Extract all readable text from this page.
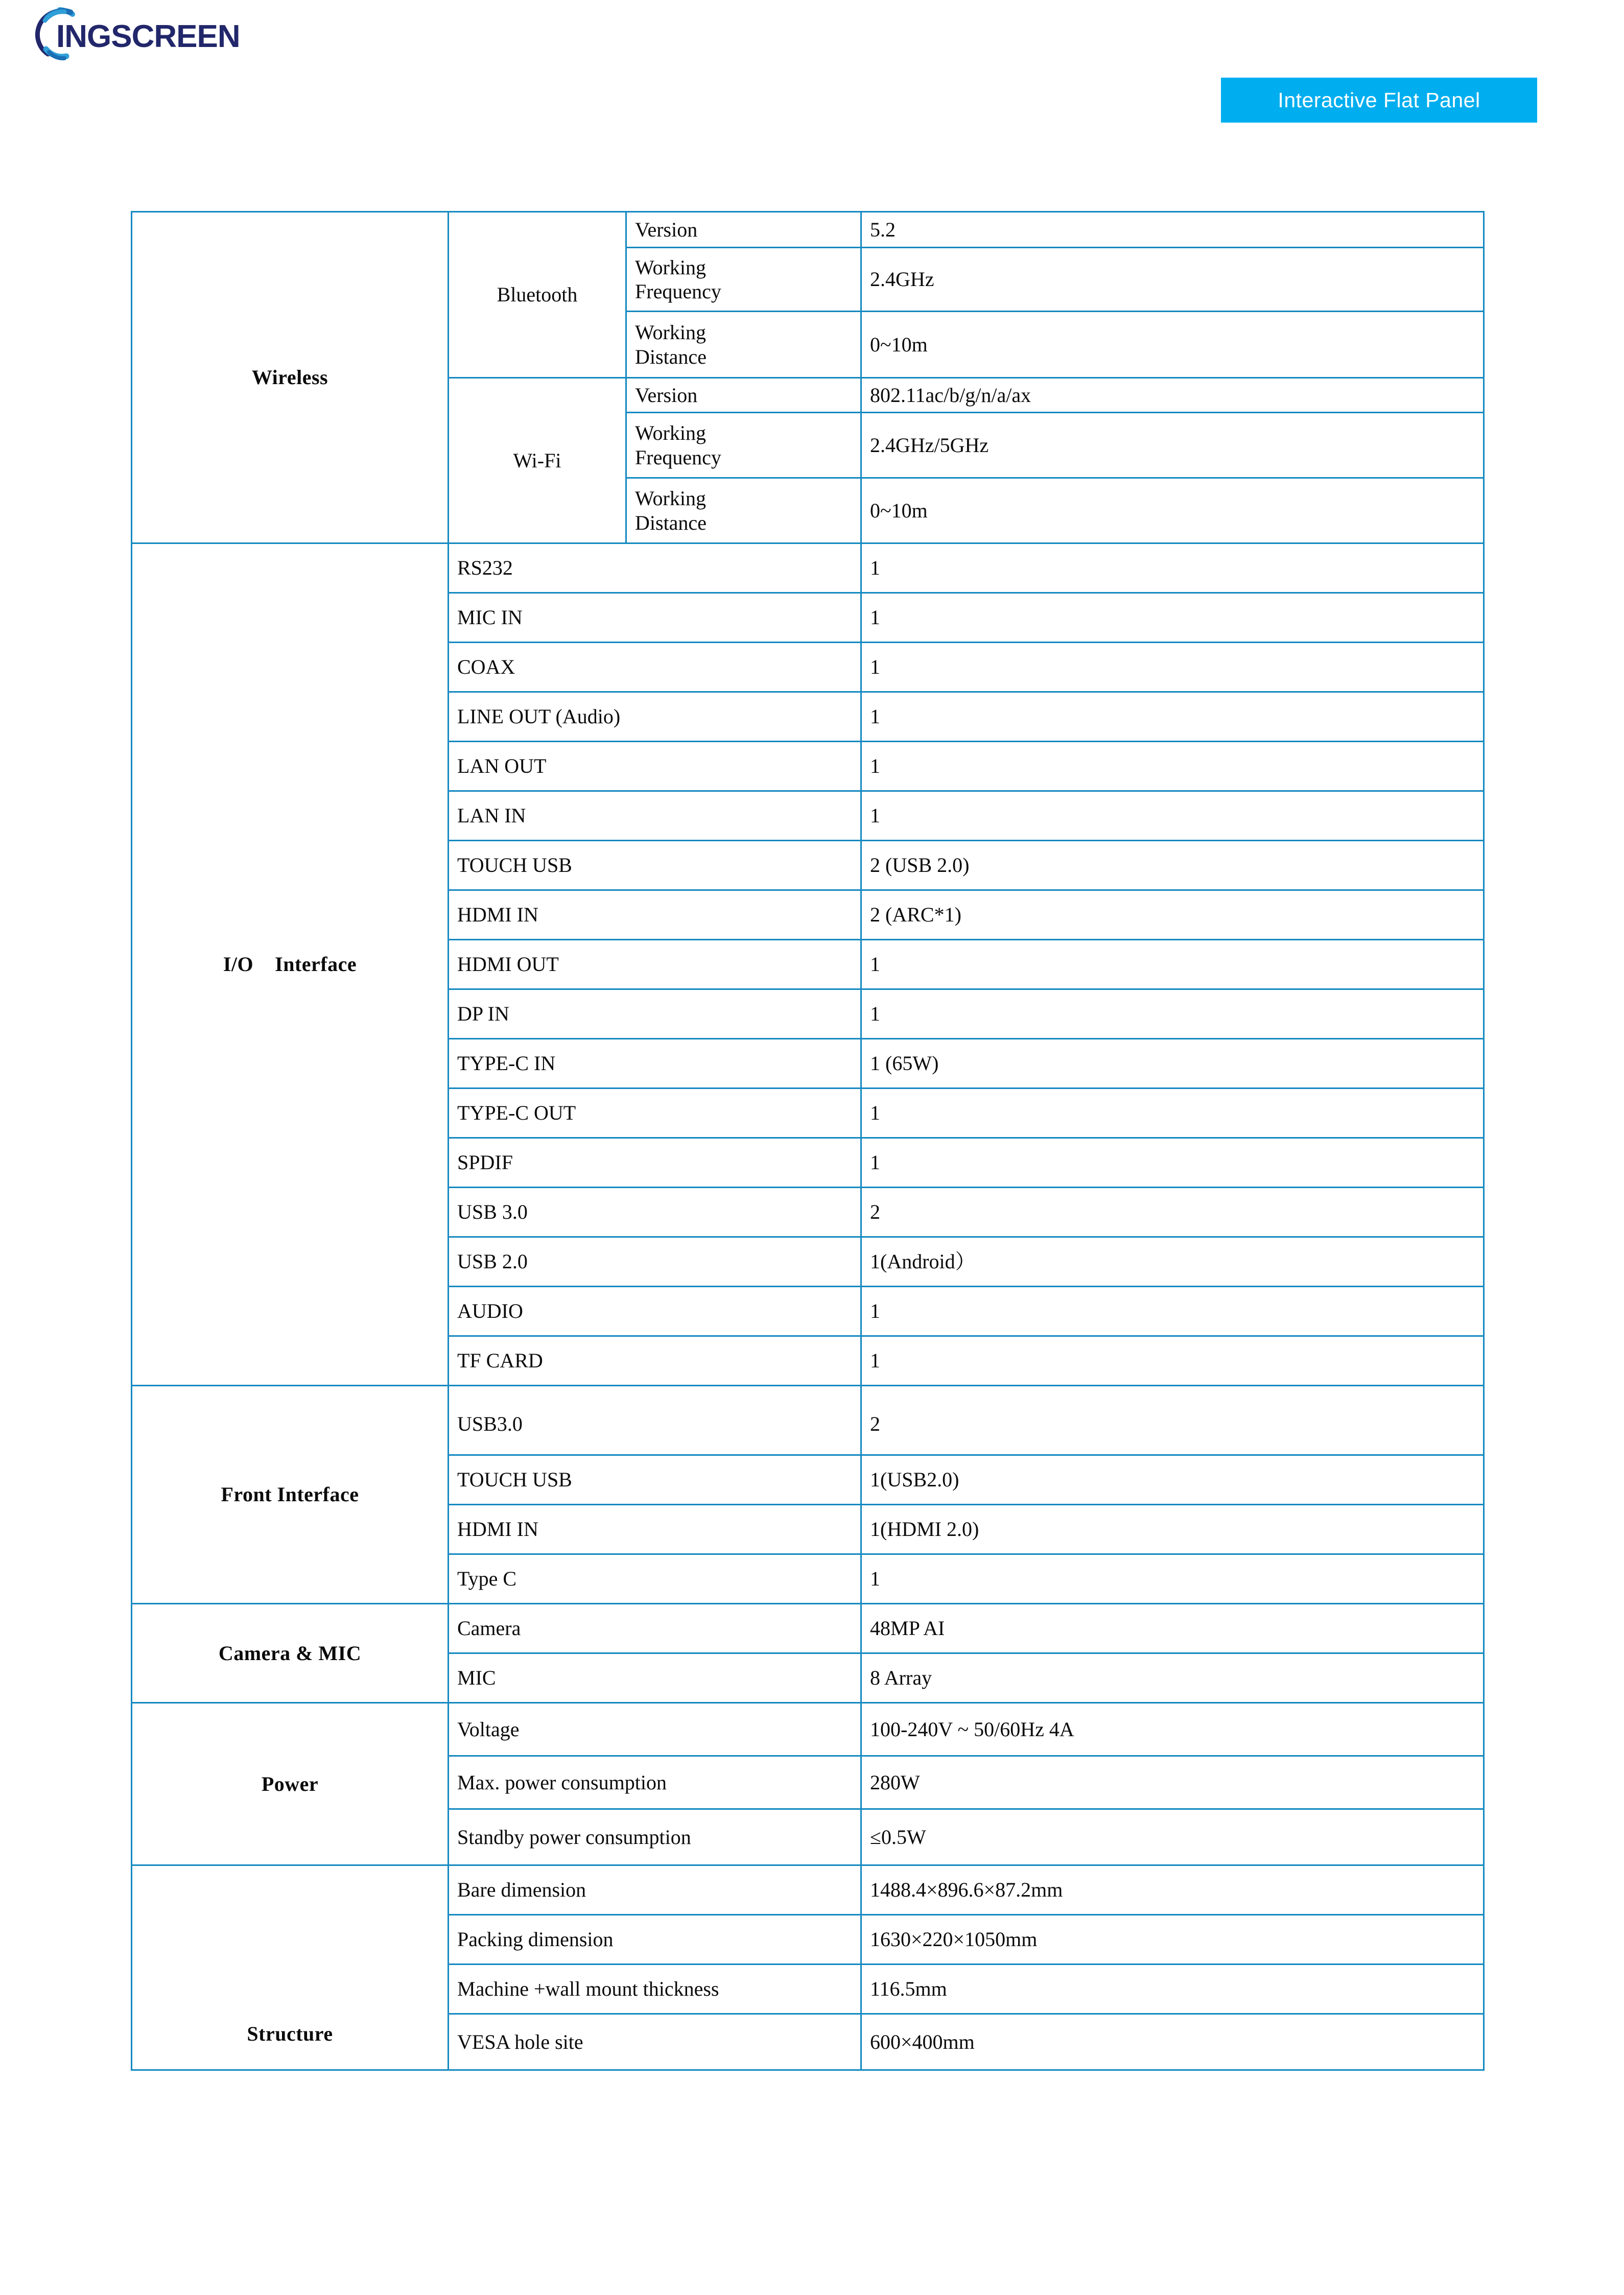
INGSCREEN
Interactive Flat Panel
Wireless	Bluetooth	Version	5.2

		Working
Frequency	2.4GHz

		Working
Distance	0~10m
	Wi-Fi	Version	802.11ac/b/g/n/a/ax

		Working
Frequency	2.4GHz/5GHz

		Working
Distance	0~10m
I/O    Interface	RS232		1
	MIC IN		1
	COAX		1
	LINE OUT (Audio)		1
	LAN OUT		1
	LAN IN		1
	TOUCH USB		2 (USB 2.0)
	HDMI IN		2 (ARC*1)
	HDMI OUT		1
	DP IN		1
	TYPE-C IN		1 (65W)
	TYPE-C OUT		1
	SPDIF		1
	USB 3.0		2
	USB 2.0		1(Android）
	AUDIO		1
	TF CARD		1
Front Interface	USB3.0		2
	TOUCH USB		1(USB2.0)
	HDMI IN		1(HDMI 2.0)
	Type C		1
Camera & MIC	Camera		48MP AI
	MIC		8 Array
Power	Voltage		100-240V ~ 50/60Hz 4A
	Max. power consumption		280W
	Standby power consumption		≤0.5W
Structure	Bare dimension		1488.4×896.6×87.2mm
	Packing dimension		1630×220×1050mm
	Machine +wall mount thickness		116.5mm
	VESA hole site		600×400mm
